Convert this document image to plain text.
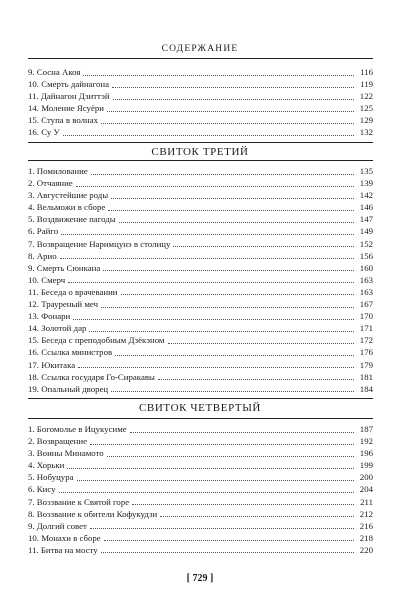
СОДЕРЖАНИЕ
9. Сосна Акоя	116
10. Смерть дайнагона	119
11. Дайнагон Дзиттэй	122
14. Моление Ясуёри	125
15. Ступа в волнах	129
16. Су У	132
СВИТОК ТРЕТИЙ
1. Помилование	135
2. Отчаяние	139
3. Августейшие роды	142
4. Вельможи в сборе	146
5. Воздвижение пагоды	147
6. Райго	149
7. Возвращение Наримцунэ в столицу	152
8. Арио	156
9. Смерть Сюнкана	160
10. Смерч	163
11. Беседа о врачевании	163
12. Трауреный меч	167
13. Фонари	170
14. Золотой дар	171
15. Беседа с преподобным Дзёкэном	172
16. Ссылка министров	176
17. Юкитака	179
18. Ссылка государя Го-Сиракавы	181
19. Опальный дворец	184
СВИТОК ЧЕТВЕРТЫЙ
1. Богомолье в Ицукусиме	187
2. Возвращение	192
3. Воины Минамото	196
4. Хорьки	199
5. Нобуцура	200
6. Кису	204
7. Воззвание к Святой горе	211
8. Воззвание к обители Кофукудзи	212
9. Долгий совет	216
10. Монахи в сборе	218
11. Битва на мосту	220
[ 729 ]
